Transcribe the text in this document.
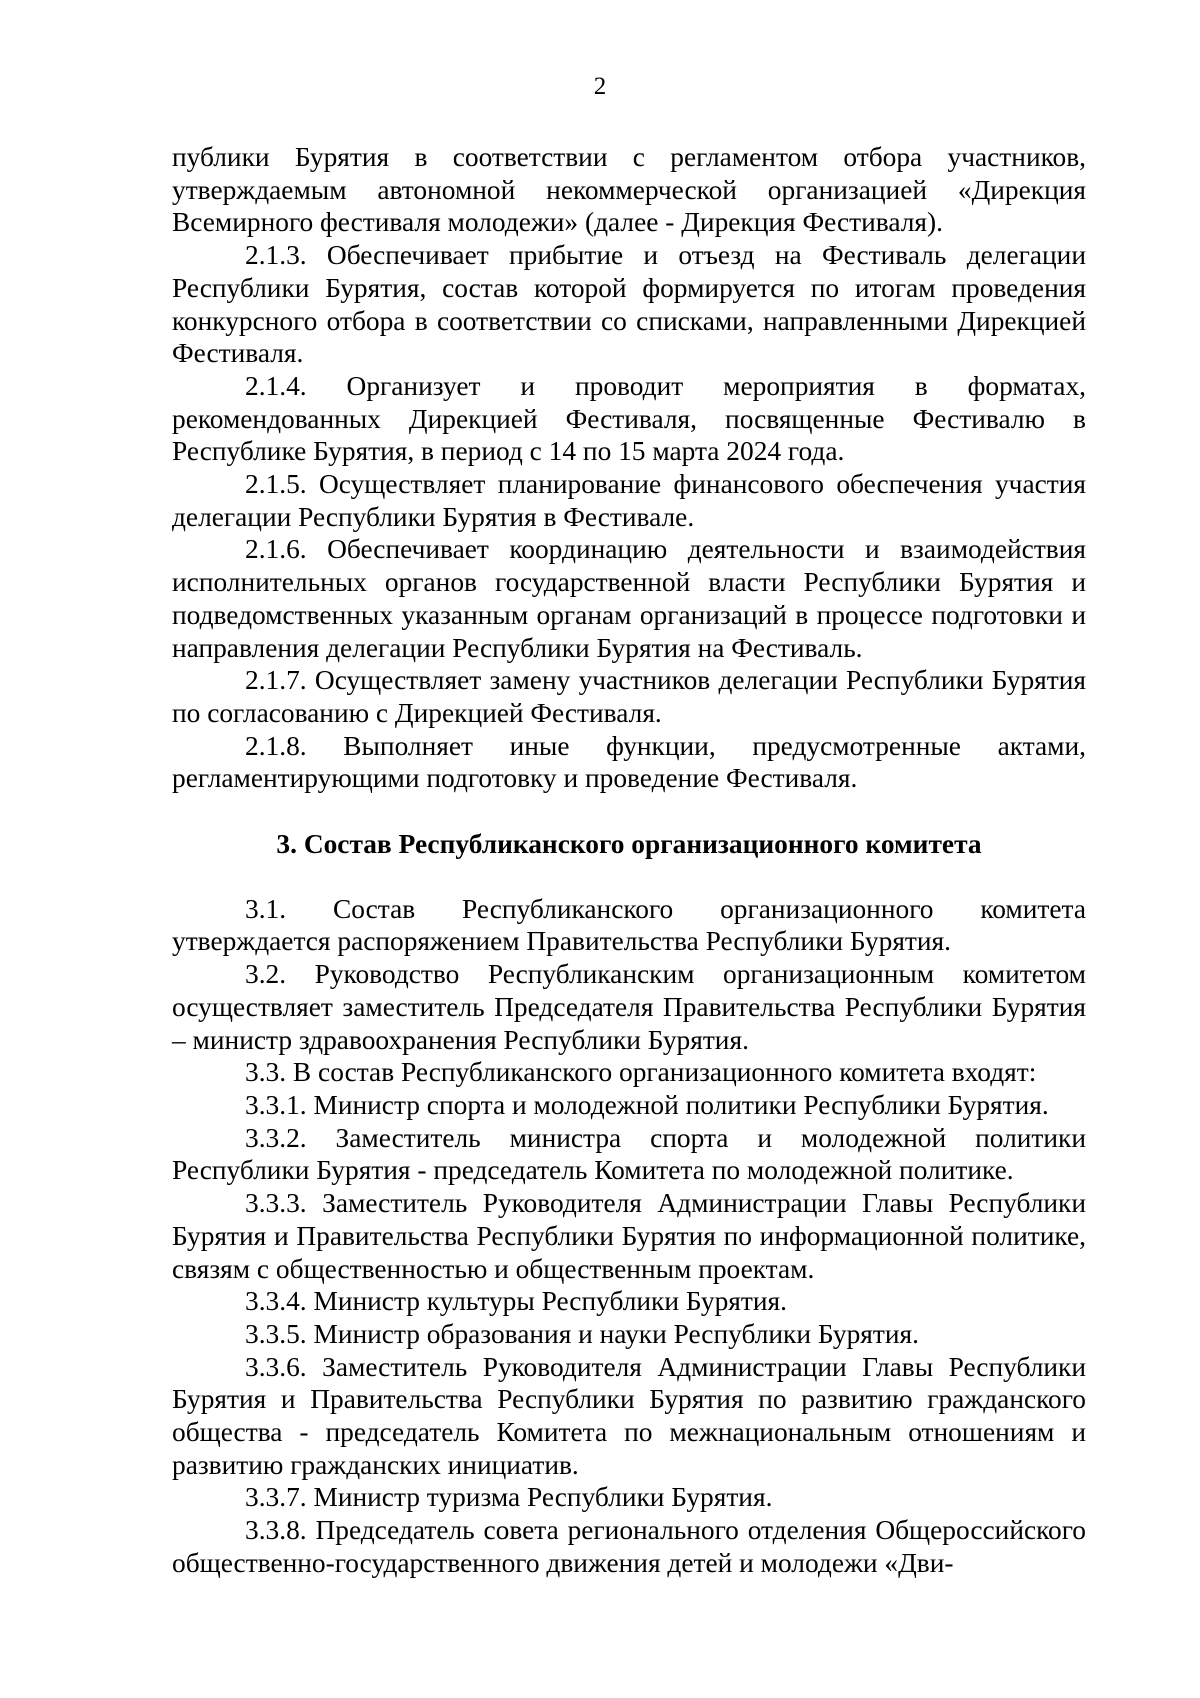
2

публики Бурятия в соответствии с регламентом отбора участников, утверждаемым автономной некоммерческой организацией «Дирекция Всемирного фестиваля молодежи» (далее - Дирекция Фестиваля).

2.1.3. Обеспечивает прибытие и отъезд на Фестиваль делегации Республики Бурятия, состав которой формируется по итогам проведения конкурсного отбора в соответствии со списками, направленными Дирекцией Фестиваля.

2.1.4. Организует и проводит мероприятия в форматах, рекомендованных Дирекцией Фестиваля, посвященные Фестивалю в Республике Бурятия, в период с 14 по 15 марта 2024 года.

2.1.5. Осуществляет планирование финансового обеспечения участия делегации Республики Бурятия в Фестивале.

2.1.6. Обеспечивает координацию деятельности и взаимодействия исполнительных органов государственной власти Республики Бурятия и подведомственных указанным органам организаций в процессе подготовки и направления делегации Республики Бурятия на Фестиваль.

2.1.7. Осуществляет замену участников делегации Республики Бурятия по согласованию с Дирекцией Фестиваля.

2.1.8. Выполняет иные функции, предусмотренные актами, регламентирующими подготовку и проведение Фестиваля.

3. Состав Республиканского организационного комитета

3.1. Состав Республиканского организационного комитета утверждается распоряжением Правительства Республики Бурятия.

3.2. Руководство Республиканским организационным комитетом осуществляет заместитель Председателя Правительства Республики Бурятия – министр здравоохранения Республики Бурятия.

3.3. В состав Республиканского организационного комитета входят:

3.3.1. Министр спорта и молодежной политики Республики Бурятия.

3.3.2. Заместитель министра спорта и молодежной политики Республики Бурятия - председатель Комитета по молодежной политике.

3.3.3. Заместитель Руководителя Администрации Главы Республики Бурятия и Правительства Республики Бурятия по информационной политике, связям с общественностью и общественным проектам.

3.3.4. Министр культуры Республики Бурятия.

3.3.5. Министр образования и науки Республики Бурятия.

3.3.6. Заместитель Руководителя Администрации Главы Республики Бурятия и Правительства Республики Бурятия по развитию гражданского общества - председатель Комитета по межнациональным отношениям и развитию гражданских инициатив.

3.3.7. Министр туризма Республики Бурятия.

3.3.8. Председатель совета регионального отделения Общероссийского общественно-государственного движения детей и молодежи «Дви-
